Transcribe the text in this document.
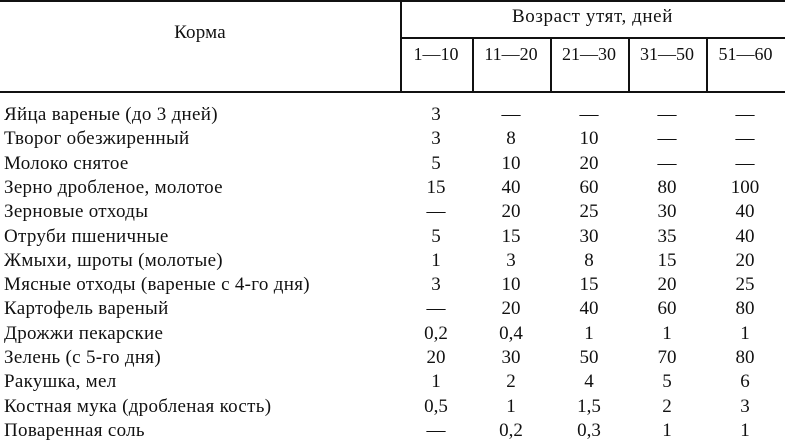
Корма
Возраст утят, дней
1—10	11—20	21—30	31—50	51—60
Яйца вареные (до 3 дней)	3	—	—	—	—
Творог обезжиренный	3	8	10	—	—
Молоко снятое	5	10	20	—	—
Зерно дробленое, молотое	15	40	60	80	100
Зерновые отходы	—	20	25	30	40
Отруби пшеничные	5	15	30	35	40
Жмыхи, шроты (молотые)	1	3	8	15	20
Мясные отходы (вареные с 4-го дня)	3	10	15	20	25
Картофель вареный	—	20	40	60	80
Дрожжи пекарские	0,2	0,4	1	1	1
Зелень (с 5-го дня)	20	30	50	70	80
Ракушка, мел	1	2	4	5	6
Костная мука (дробленая кость)	0,5	1	1,5	2	3
Поваренная соль	—	0,2	0,3	1	1
